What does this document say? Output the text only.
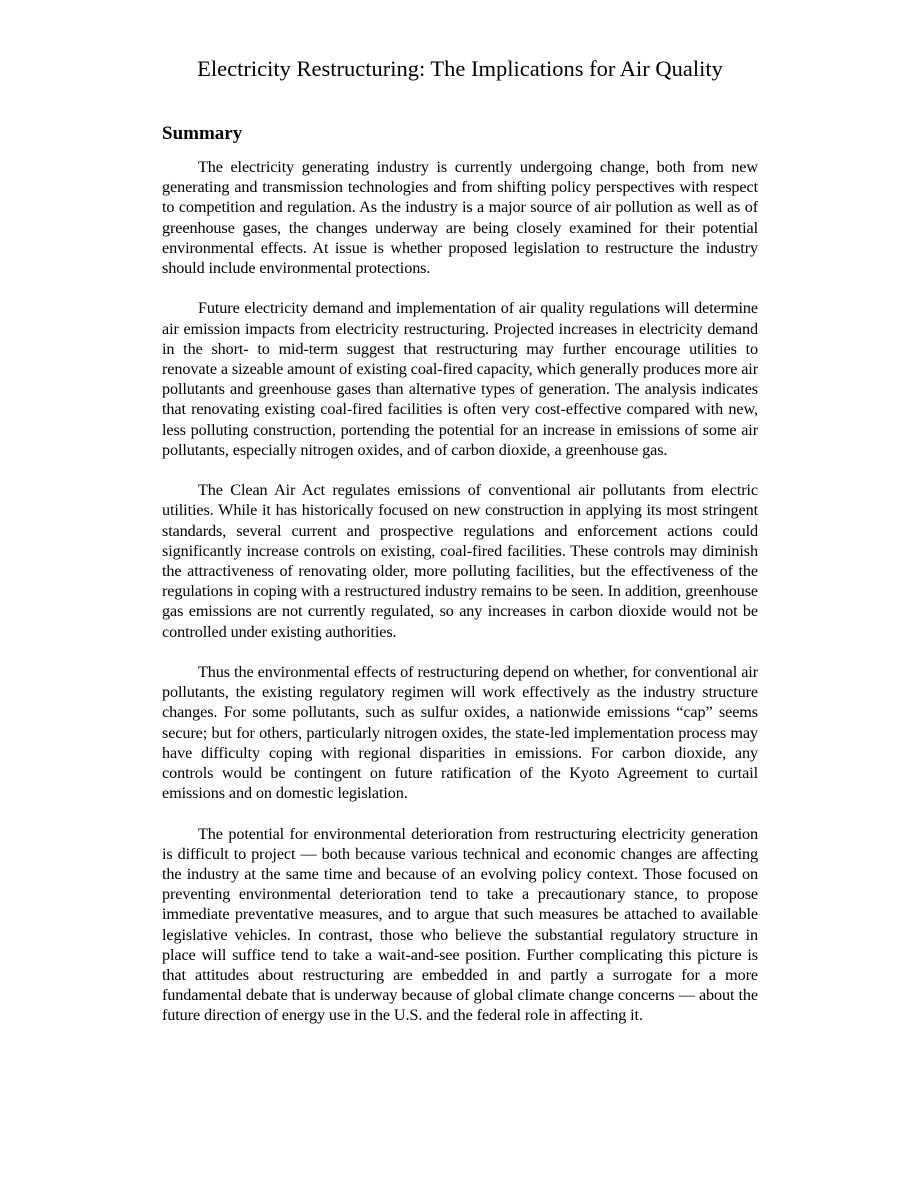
Electricity Restructuring: The Implications for Air Quality
Summary

The electricity generating industry is currently undergoing change, both from new generating and transmission technologies and from shifting policy perspectives with respect to competition and regulation. As the industry is a major source of air pollution as well as of greenhouse gases, the changes underway are being closely examined for their potential environmental effects. At issue is whether proposed legislation to restructure the industry should include environmental protections.

Future electricity demand and implementation of air quality regulations will determine air emission impacts from electricity restructuring. Projected increases in electricity demand in the short- to mid-term suggest that restructuring may further encourage utilities to renovate a sizeable amount of existing coal-fired capacity, which generally produces more air pollutants and greenhouse gases than alternative types of generation. The analysis indicates that renovating existing coal-fired facilities is often very cost-effective compared with new, less polluting construction, portending the potential for an increase in emissions of some air pollutants, especially nitrogen oxides, and of carbon dioxide, a greenhouse gas.

The Clean Air Act regulates emissions of conventional air pollutants from electric utilities. While it has historically focused on new construction in applying its most stringent standards, several current and prospective regulations and enforcement actions could significantly increase controls on existing, coal-fired facilities. These controls may diminish the attractiveness of renovating older, more polluting facilities, but the effectiveness of the regulations in coping with a restructured industry remains to be seen. In addition, greenhouse gas emissions are not currently regulated, so any increases in carbon dioxide would not be controlled under existing authorities.

Thus the environmental effects of restructuring depend on whether, for conventional air pollutants, the existing regulatory regimen will work effectively as the industry structure changes. For some pollutants, such as sulfur oxides, a nationwide emissions “cap” seems secure; but for others, particularly nitrogen oxides, the state-led implementation process may have difficulty coping with regional disparities in emissions. For carbon dioxide, any controls would be contingent on future ratification of the Kyoto Agreement to curtail emissions and on domestic legislation.

The potential for environmental deterioration from restructuring electricity generation is difficult to project — both because various technical and economic changes are affecting the industry at the same time and because of an evolving policy context. Those focused on preventing environmental deterioration tend to take a precautionary stance, to propose immediate preventative measures, and to argue that such measures be attached to available legislative vehicles. In contrast, those who believe the substantial regulatory structure in place will suffice tend to take a wait-and-see position. Further complicating this picture is that attitudes about restructuring are embedded in and partly a surrogate for a more fundamental debate that is underway because of global climate change concerns — about the future direction of energy use in the U.S. and the federal role in affecting it.
